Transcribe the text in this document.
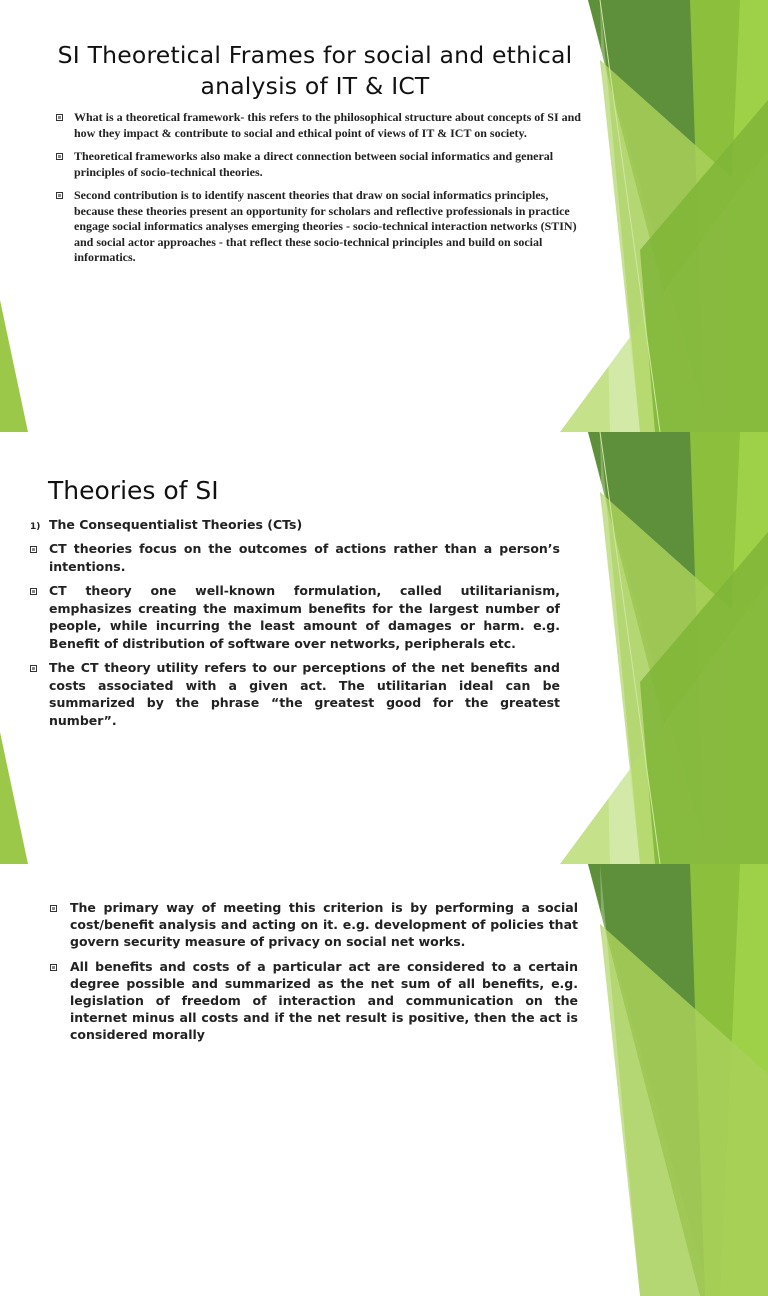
SI Theoretical Frames for social and ethical analysis of IT & ICT
What is a theoretical framework- this refers to the philosophical structure about concepts of SI and how they impact & contribute to social and ethical point of views of IT & ICT on society.
Theoretical frameworks also make a direct connection between social informatics and general principles of socio-technical theories.
Second contribution is to identify nascent theories that draw on social informatics principles, because these theories present an opportunity for scholars and reflective professionals in practice engage social informatics analyses emerging theories - socio-technical interaction networks (STIN) and social actor approaches - that reflect these socio-technical principles and build on social informatics.
Theories of SI
1) The Consequentialist Theories (CTs)
CT theories focus on the outcomes of actions rather than a person’s intentions.
CT theory one well-known formulation, called utilitarianism, emphasizes creating the maximum benefits for the largest number of people, while incurring the least amount of damages or harm. e.g. Benefit of distribution of software over networks, peripherals etc.
The CT theory utility refers to our perceptions of the net benefits and costs associated with a given act. The utilitarian ideal can be summarized by the phrase “the greatest good for the greatest number”.
The primary way of meeting this criterion is by performing a social cost/benefit analysis and acting on it. e.g. development of policies that govern security measure of privacy on social net works.
All benefits and costs of a particular act are considered to a certain degree possible and summarized as the net sum of all benefits, e.g. legislation of freedom of interaction and communication on the internet minus all costs and if the net result is positive, then the act is considered morally
